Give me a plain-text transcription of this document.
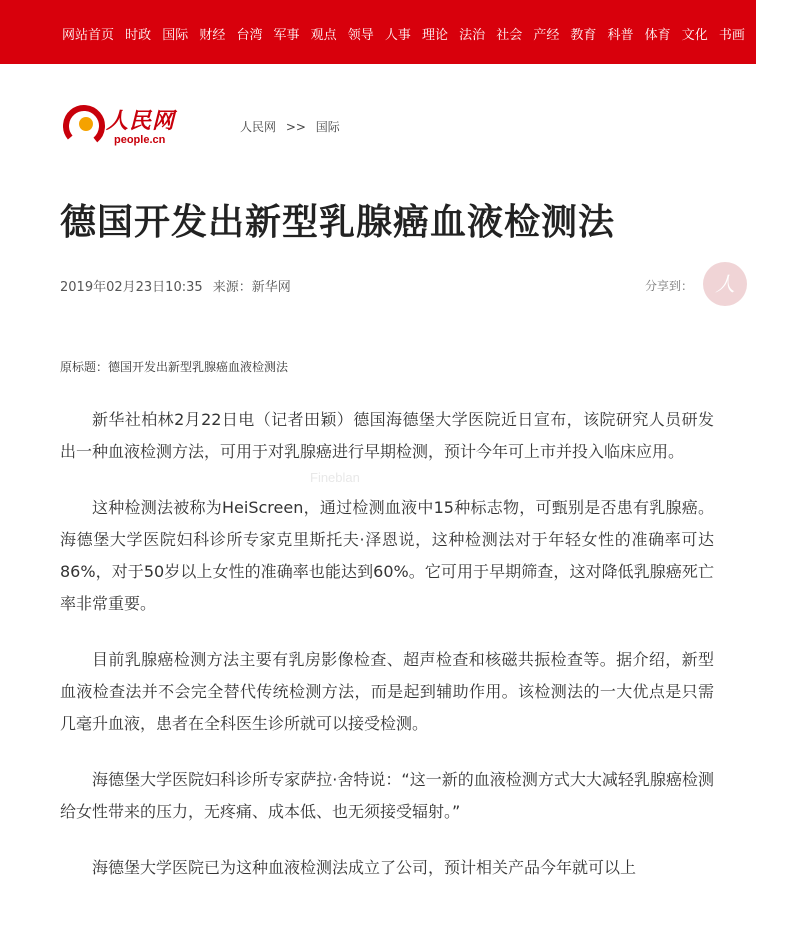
网站首页 时政 国际 财经 台湾 军事 观点 领导 人事 理论 法治 社会 产经 教育 科普 体育 文化 书画 房产
人民网
people.cn
人民网 >> 国际
德国开发出新型乳腺癌血液检测法
2019年02月23日10:35 来源：新华网	分享到：	人
原标题：德国开发出新型乳腺癌血液检测法
Fineblan

新华社柏林2月22日电（记者田颖）德国海德堡大学医院近日宣布，该院研究人员研发出一种血液检测方法，可用于对乳腺癌进行早期检测，预计今年可上市并投入临床应用。

这种检测法被称为HeiScreen，通过检测血液中15种标志物，可甄别是否患有乳腺癌。海德堡大学医院妇科诊所专家克里斯托夫·泽恩说，这种检测法对于年轻女性的准确率可达86%，对于50岁以上女性的准确率也能达到60%。它可用于早期筛查，这对降低乳腺癌死亡率非常重要。

目前乳腺癌检测方法主要有乳房影像检查、超声检查和核磁共振检查等。据介绍，新型血液检查法并不会完全替代传统检测方法，而是起到辅助作用。该检测法的一大优点是只需几毫升血液，患者在全科医生诊所就可以接受检测。

海德堡大学医院妇科诊所专家萨拉·舍特说：“这一新的血液检测方式大大减轻乳腺癌检测给女性带来的压力，无疼痛、成本低、也无须接受辐射。”

海德堡大学医院已为这种血液检测法成立了公司，预计相关产品今年就可以上
